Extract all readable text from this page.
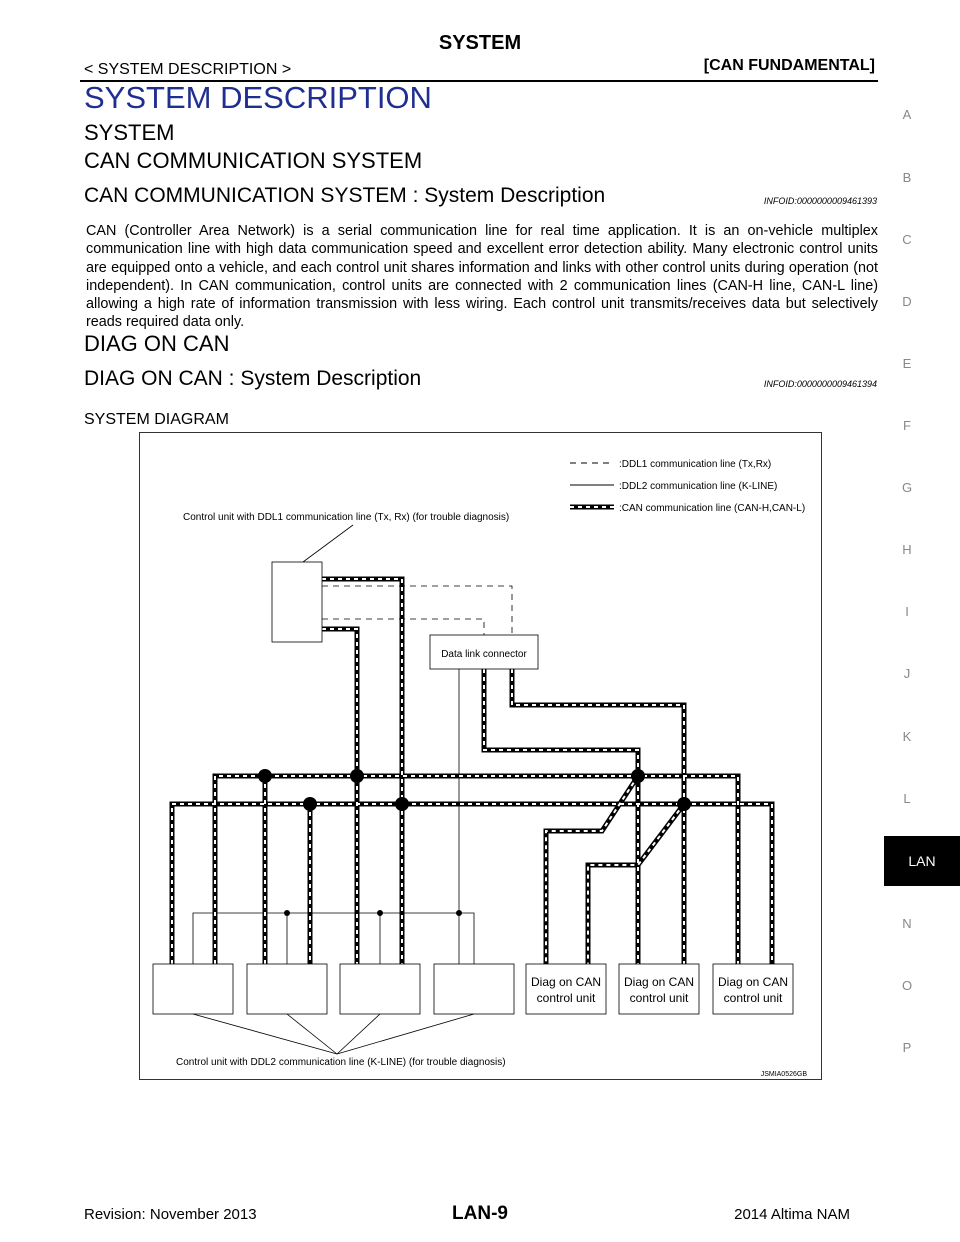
SYSTEM
< SYSTEM DESCRIPTION >	[CAN FUNDAMENTAL]
SYSTEM DESCRIPTION
SYSTEM
CAN COMMUNICATION SYSTEM
CAN COMMUNICATION SYSTEM : System Description	INFOID:0000000009461393
CAN (Controller Area Network) is a serial communication line for real time application. It is an on-vehicle multiplex communication line with high data communication speed and excellent error detection ability. Many electronic control units are equipped onto a vehicle, and each control unit shares information and links with other control units during operation (not independent). In CAN communication, control units are connected with 2 communication lines (CAN-H line, CAN-L line) allowing a high rate of information transmission with less wiring. Each control unit transmits/receives data but selectively reads required data only.
DIAG ON CAN
DIAG ON CAN : System Description	INFOID:0000000009461394
SYSTEM DIAGRAM
A
B
C
D
E
F
G
H
I
J
K
L
LAN
N
O
P
:DDL1 communication line (Tx,Rx)
:DDL2 communication line (K-LINE)
:CAN communication line (CAN-H,CAN-L)
Control unit with DDL1 communication line (Tx, Rx) (for trouble diagnosis)
Data link connector
Diag on CAN
control unit
Diag on CAN
control unit
Diag on CAN
control unit
Control unit with DDL2 communication line (K-LINE) (for trouble diagnosis)
JSMIA0526GB
Revision: November 2013	LAN-9	2014 Altima NAM
